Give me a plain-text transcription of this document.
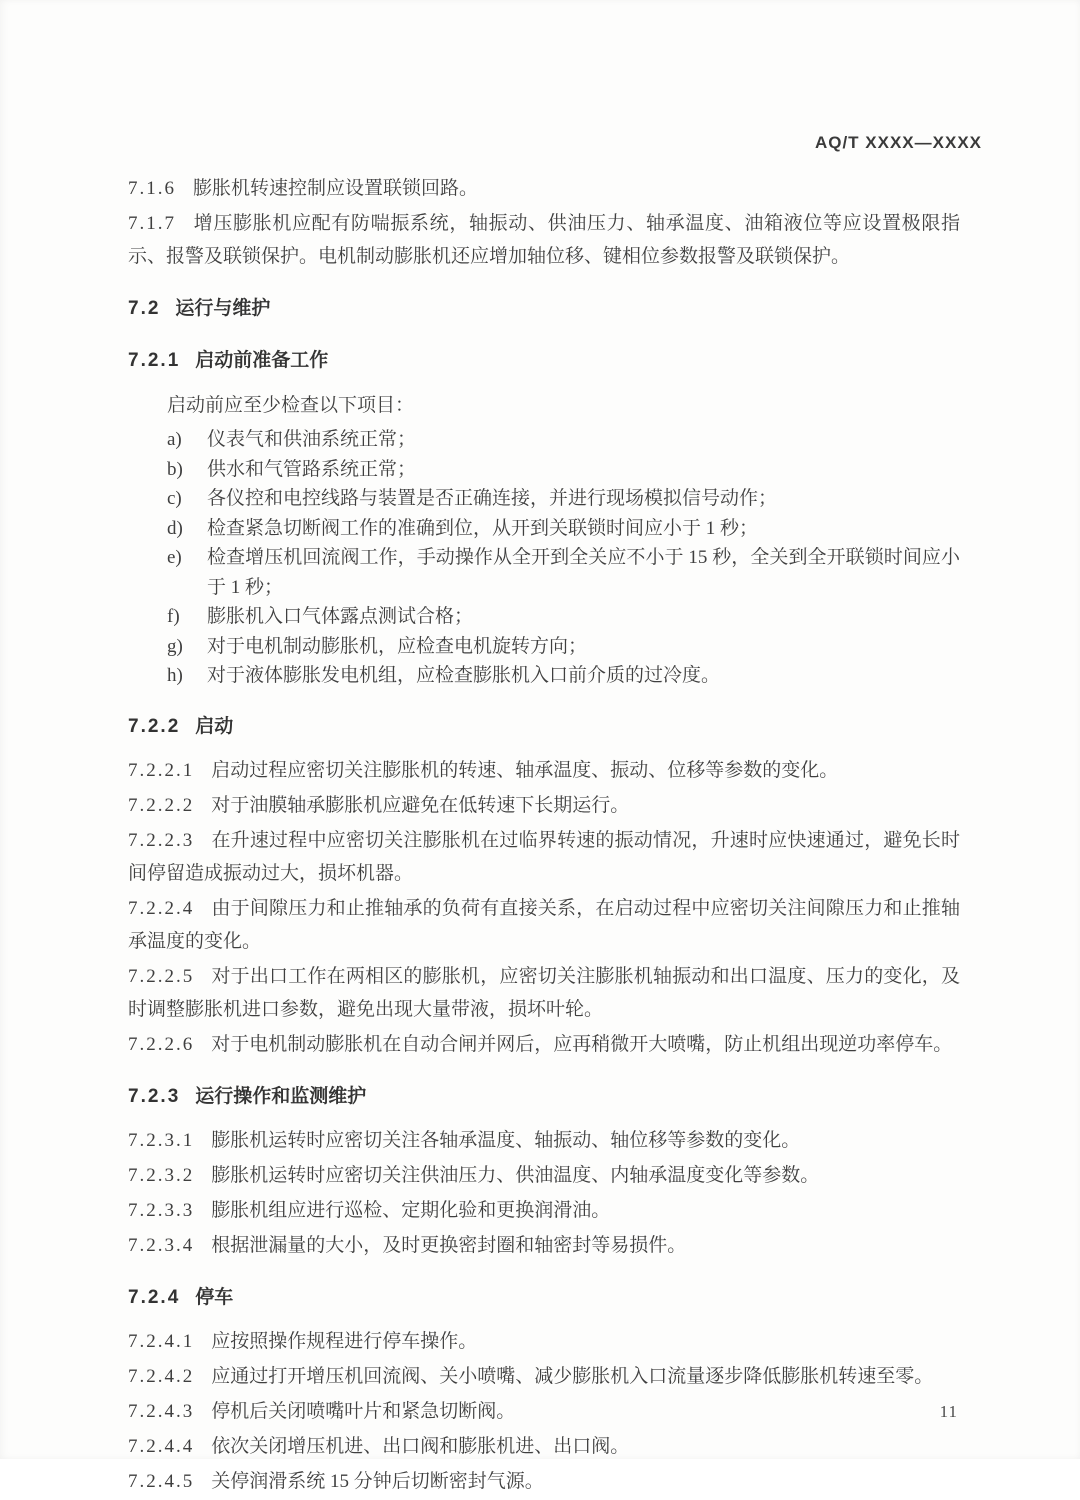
AQ/T XXXX—XXXX
7.1.6 膨胀机转速控制应设置联锁回路。
7.1.7 增压膨胀机应配有防喘振系统，轴振动、供油压力、轴承温度、油箱液位等应设置极限指示、报警及联锁保护。电机制动膨胀机还应增加轴位移、键相位参数报警及联锁保护。
7.2 运行与维护
7.2.1 启动前准备工作
启动前应至少检查以下项目：
a)	仪表气和供油系统正常；
b)	供水和气管路系统正常；
c)	各仪控和电控线路与装置是否正确连接，并进行现场模拟信号动作；
d)	检查紧急切断阀工作的准确到位，从开到关联锁时间应小于 1 秒；
e)	检查增压机回流阀工作，手动操作从全开到全关应不小于 15 秒，全关到全开联锁时间应小于 1 秒；
f)	膨胀机入口气体露点测试合格；
g)	对于电机制动膨胀机，应检查电机旋转方向；
h)	对于液体膨胀发电机组，应检查膨胀机入口前介质的过冷度。
7.2.2 启动
7.2.2.1 启动过程应密切关注膨胀机的转速、轴承温度、振动、位移等参数的变化。
7.2.2.2 对于油膜轴承膨胀机应避免在低转速下长期运行。
7.2.2.3 在升速过程中应密切关注膨胀机在过临界转速的振动情况，升速时应快速通过，避免长时间停留造成振动过大，损坏机器。
7.2.2.4 由于间隙压力和止推轴承的负荷有直接关系，在启动过程中应密切关注间隙压力和止推轴承温度的变化。
7.2.2.5 对于出口工作在两相区的膨胀机，应密切关注膨胀机轴振动和出口温度、压力的变化，及时调整膨胀机进口参数，避免出现大量带液，损坏叶轮。
7.2.2.6 对于电机制动膨胀机在自动合闸并网后，应再稍微开大喷嘴，防止机组出现逆功率停车。
7.2.3 运行操作和监测维护
7.2.3.1 膨胀机运转时应密切关注各轴承温度、轴振动、轴位移等参数的变化。
7.2.3.2 膨胀机运转时应密切关注供油压力、供油温度、内轴承温度变化等参数。
7.2.3.3 膨胀机组应进行巡检、定期化验和更换润滑油。
7.2.3.4 根据泄漏量的大小，及时更换密封圈和轴密封等易损件。
7.2.4 停车
7.2.4.1 应按照操作规程进行停车操作。
7.2.4.2 应通过打开增压机回流阀、关小喷嘴、减少膨胀机入口流量逐步降低膨胀机转速至零。
7.2.4.3 停机后关闭喷嘴叶片和紧急切断阀。
7.2.4.4 依次关闭增压机进、出口阀和膨胀机进、出口阀。
7.2.4.5 关停润滑系统 15 分钟后切断密封气源。
11
